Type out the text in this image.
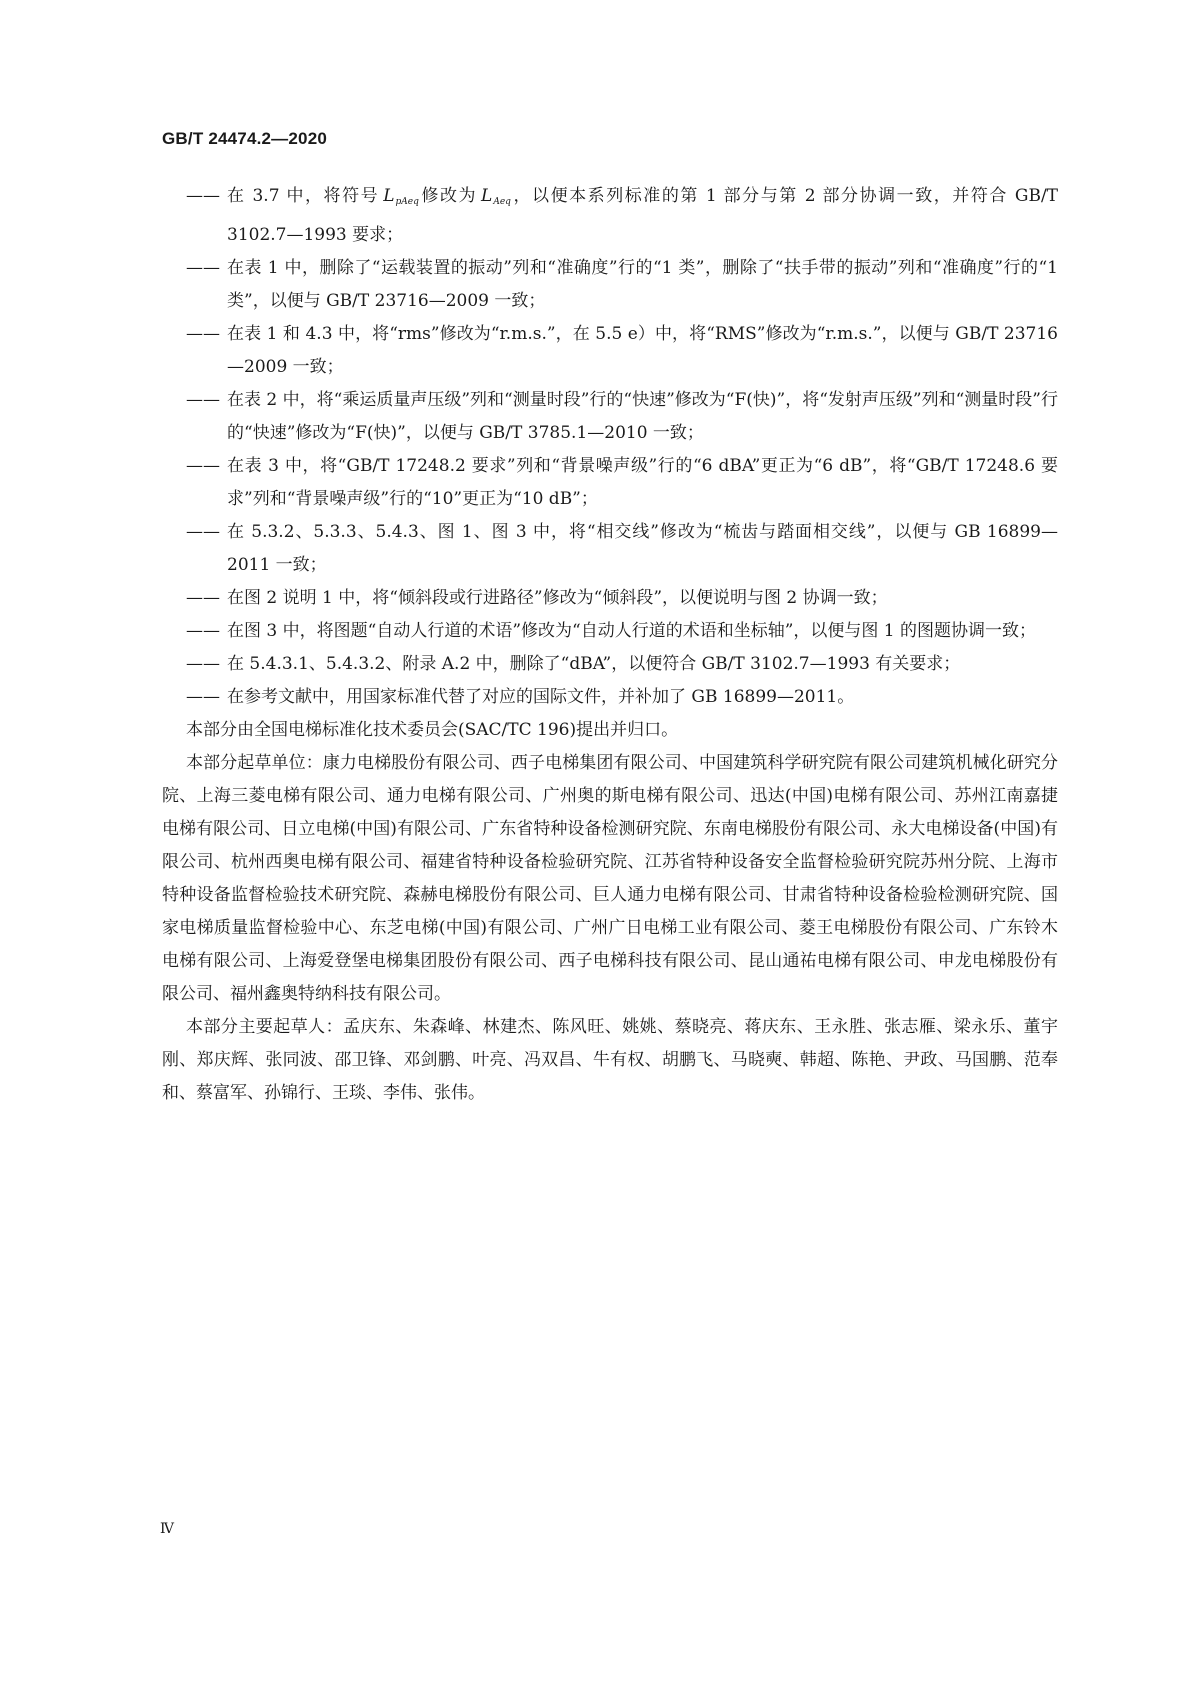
GB/T 24474.2—2020
—— 在 3.7 中，将符号 $L_{pAeq}$修改为 $L_{Aeq}$，以便本系列标准的第 1 部分与第 2 部分协调一致，并符合 GB/T 3102.7—1993 要求；
—— 在表 1 中，删除了“运载装置的振动”列和“准确度”行的“1 类”，删除了“扶手带的振动”列和“准确度”行的“1 类”，以便与 GB/T 23716—2009 一致；
—— 在表 1 和 4.3 中，将“rms”修改为“r.m.s.”，在 5.5 e）中，将“RMS”修改为“r.m.s.”，以便与 GB/T 23716—2009 一致；
—— 在表 2 中，将“乘运质量声压级”列和“测量时段”行的“快速”修改为“F(快)”，将“发射声压级”列和“测量时段”行的“快速”修改为“F(快)”，以便与 GB/T 3785.1—2010 一致；
—— 在表 3 中，将“GB/T 17248.2 要求”列和“背景噪声级”行的“6 dBA”更正为“6 dB”，将“GB/T 17248.6 要求”列和“背景噪声级”行的“10”更正为“10 dB”；
—— 在 5.3.2、5.3.3、5.4.3、图 1、图 3 中，将“相交线”修改为“梳齿与踏面相交线”，以便与 GB 16899—2011 一致；
—— 在图 2 说明 1 中，将“倾斜段或行进路径”修改为“倾斜段”，以便说明与图 2 协调一致；
—— 在图 3 中，将图题“自动人行道的术语”修改为“自动人行道的术语和坐标轴”，以便与图 1 的图题协调一致；
—— 在 5.4.3.1、5.4.3.2、附录 A.2 中，删除了“dBA”，以便符合 GB/T 3102.7—1993 有关要求；
—— 在参考文献中，用国家标准代替了对应的国际文件，并补加了 GB 16899—2011。
本部分由全国电梯标准化技术委员会(SAC/TC 196)提出并归口。
本部分起草单位：康力电梯股份有限公司、西子电梯集团有限公司、中国建筑科学研究院有限公司建筑机械化研究分院、上海三菱电梯有限公司、通力电梯有限公司、广州奥的斯电梯有限公司、迅达(中国)电梯有限公司、苏州江南嘉捷电梯有限公司、日立电梯(中国)有限公司、广东省特种设备检测研究院、东南电梯股份有限公司、永大电梯设备(中国)有限公司、杭州西奥电梯有限公司、福建省特种设备检验研究院、江苏省特种设备安全监督检验研究院苏州分院、上海市特种设备监督检验技术研究院、森赫电梯股份有限公司、巨人通力电梯有限公司、甘肃省特种设备检验检测研究院、国家电梯质量监督检验中心、东芝电梯(中国)有限公司、广州广日电梯工业有限公司、菱王电梯股份有限公司、广东铃木电梯有限公司、上海爱登堡电梯集团股份有限公司、西子电梯科技有限公司、昆山通祐电梯有限公司、申龙电梯股份有限公司、福州鑫奥特纳科技有限公司。
本部分主要起草人：孟庆东、朱森峰、林建杰、陈风旺、姚姚、蔡晓亮、蒋庆东、王永胜、张志雁、梁永乐、董宇刚、郑庆辉、张同波、邵卫锋、邓剑鹏、叶亮、冯双昌、牛有权、胡鹏飞、马晓奭、韩超、陈艳、尹政、马国鹏、范奉和、蔡富军、孙锦行、王琰、李伟、张伟。
Ⅳ
